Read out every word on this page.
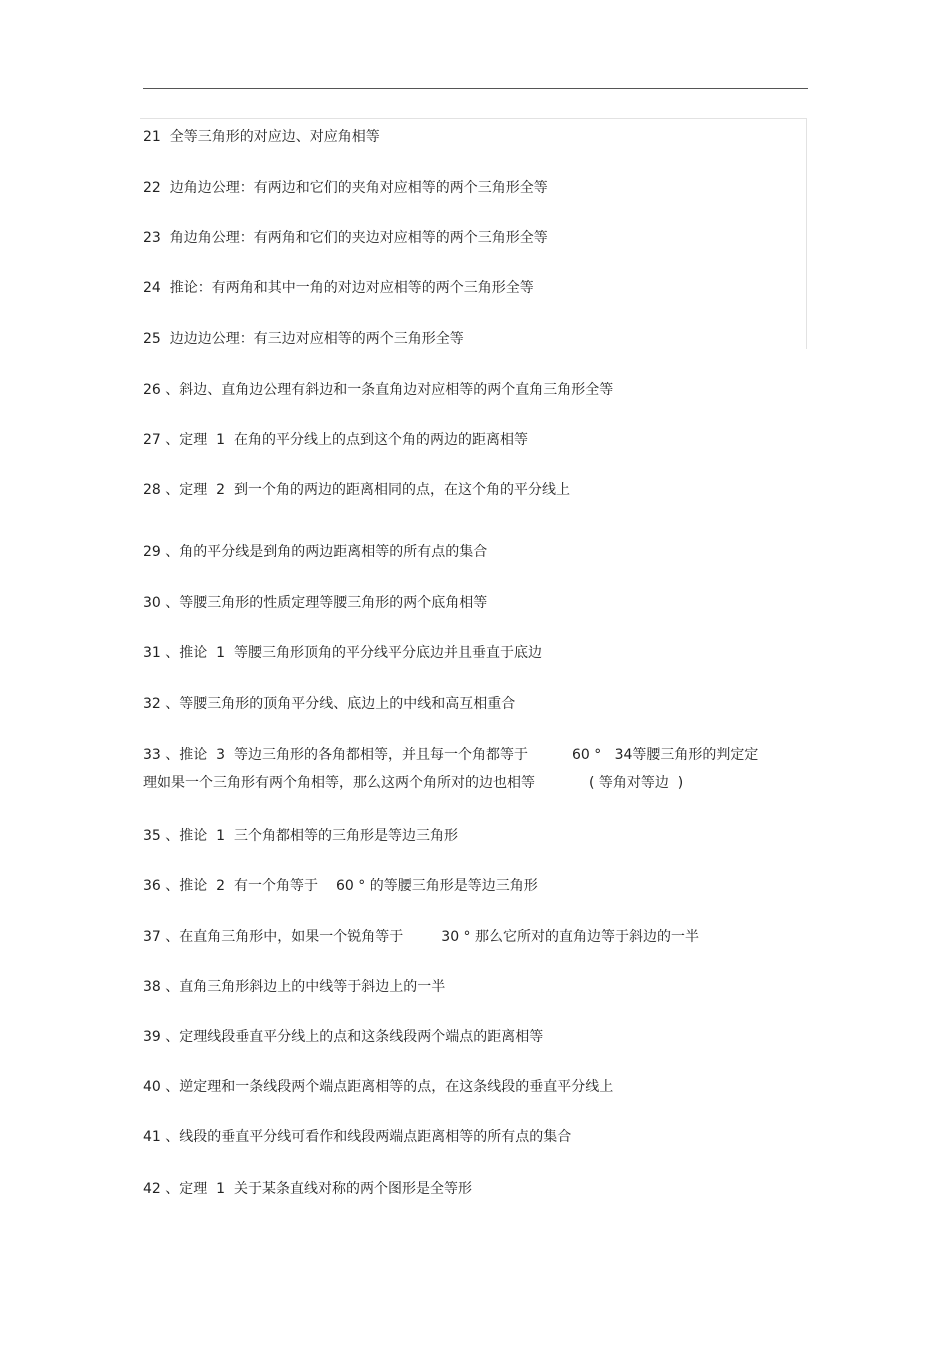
21 全等三角形的对应边、对应角相等
22 边角边公理：有两边和它们的夹角对应相等的两个三角形全等
23 角边角公理：有两角和它们的夹边对应相等的两个三角形全等
24 推论：有两角和其中一角的对边对应相等的两个三角形全等
25 边边边公理：有三边对应相等的两个三角形全等
26 、斜边、直角边公理有斜边和一条直角边对应相等的两个直角三角形全等
27 、定理  1  在角的平分线上的点到这个角的两边的距离相等
28 、定理  2  到一个角的两边的距离相同的点，在这个角的平分线上
29 、角的平分线是到角的两边距离相等的所有点的集合
30 、等腰三角形的性质定理等腰三角形的两个底角相等
31 、推论  1  等腰三角形顶角的平分线平分底边并且垂直于底边
32 、等腰三角形的顶角平分线、底边上的中线和高互相重合
33 、推论  3  等边三角形的各角都相等，并且每一个角都等于	60 °   34等腰三角形的判定定
理如果一个三角形有两个角相等，那么这两个角所对的边也相等	( 等角对等边  )
35 、推论  1  三个角都相等的三角形是等边三角形
36 、推论  2  有一个角等于 60 ° 的等腰三角形是等边三角形
37 、在直角三角形中，如果一个锐角等于	30 ° 那么它所对的直角边等于斜边的一半
38 、直角三角形斜边上的中线等于斜边上的一半
39 、定理线段垂直平分线上的点和这条线段两个端点的距离相等
40 、逆定理和一条线段两个端点距离相等的点，在这条线段的垂直平分线上
41 、线段的垂直平分线可看作和线段两端点距离相等的所有点的集合
42 、定理  1  关于某条直线对称的两个图形是全等形
